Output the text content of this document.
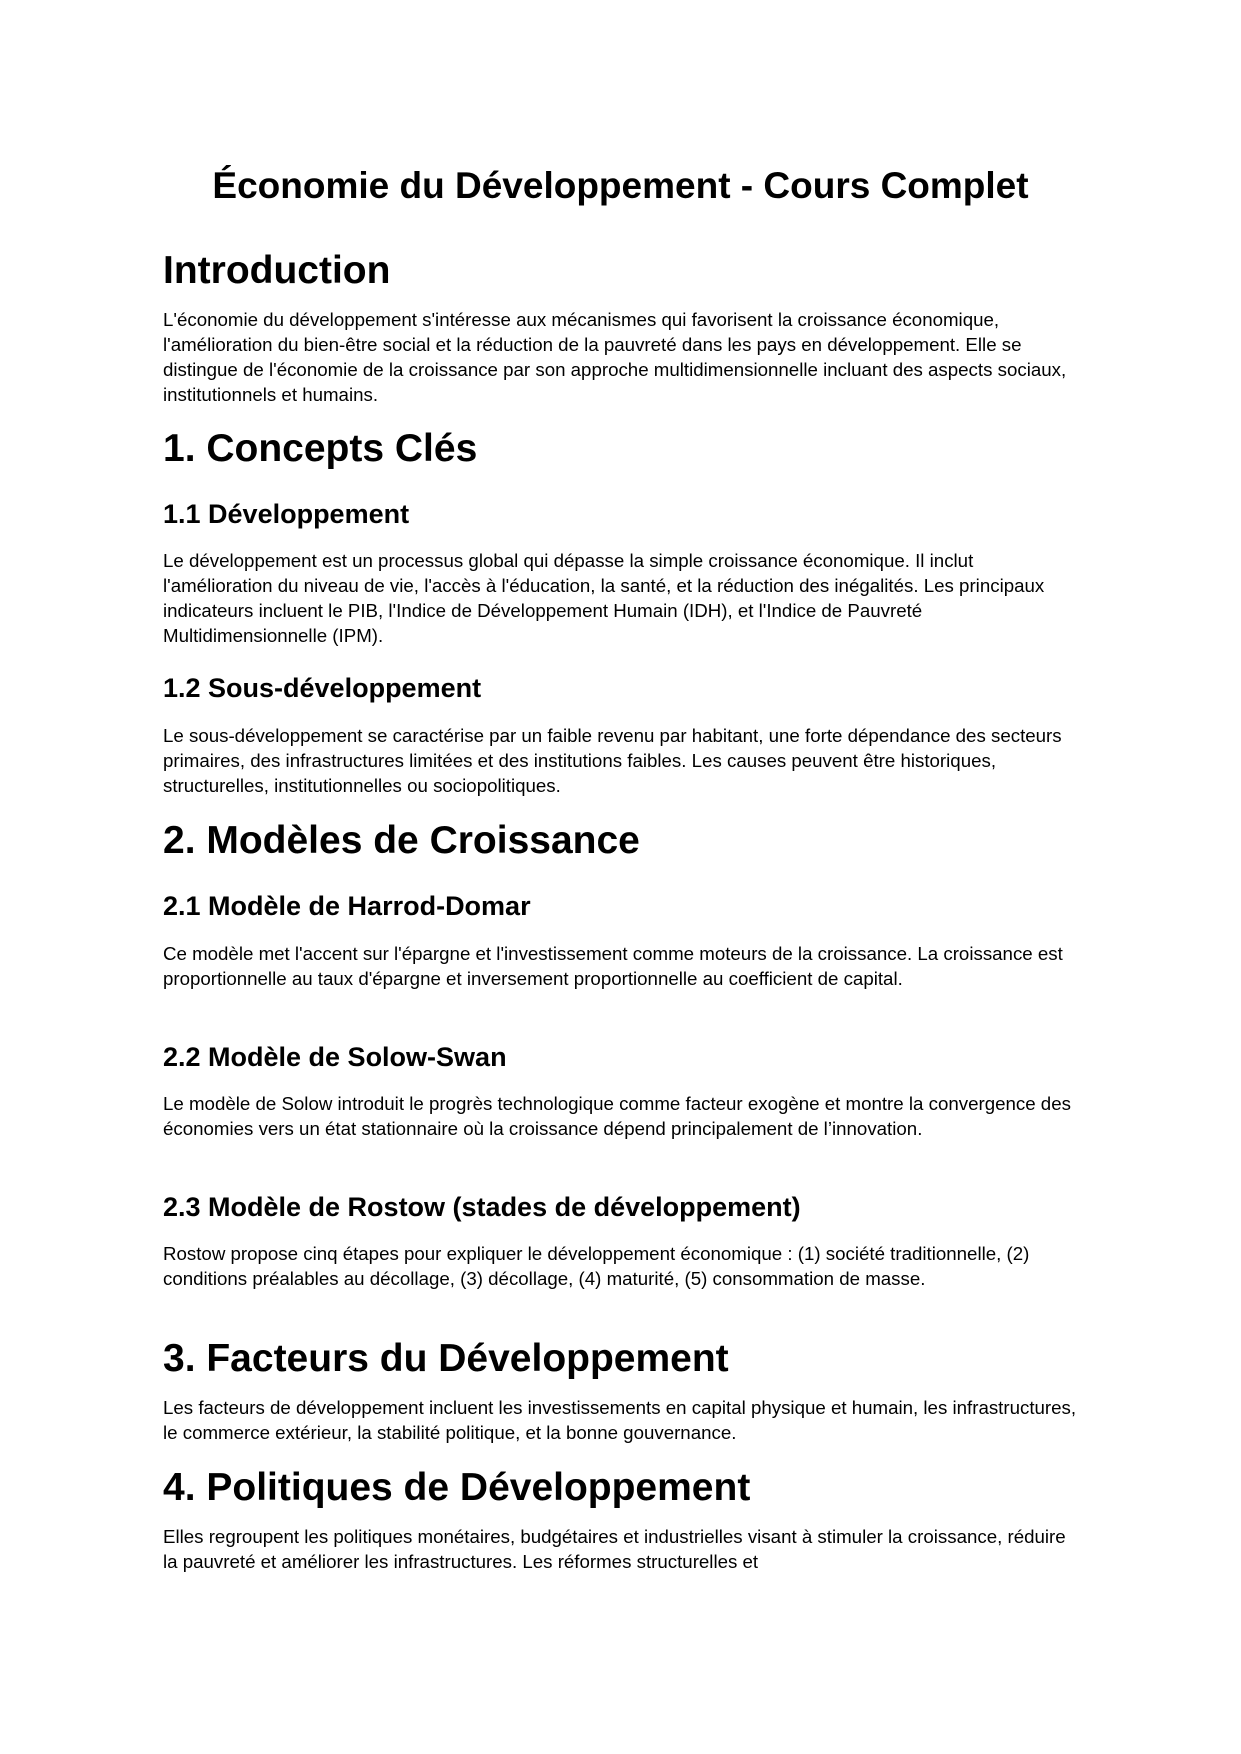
Économie du Développement - Cours Complet
Introduction

L'économie du développement s'intéresse aux mécanismes qui favorisent la croissance économique, l'amélioration du bien-être social et la réduction de la pauvreté dans les pays en développement. Elle se distingue de l'économie de la croissance par son approche multidimensionnelle incluant des aspects sociaux, institutionnels et humains.

1. Concepts Clés
1.1 Développement

Le développement est un processus global qui dépasse la simple croissance économique. Il inclut l'amélioration du niveau de vie, l'accès à l'éducation, la santé, et la réduction des inégalités. Les principaux indicateurs incluent le PIB, l'Indice de Développement Humain (IDH), et l'Indice de Pauvreté Multidimensionnelle (IPM).

1.2 Sous-développement

Le sous-développement se caractérise par un faible revenu par habitant, une forte dépendance des secteurs primaires, des infrastructures limitées et des institutions faibles. Les causes peuvent être historiques, structurelles, institutionnelles ou sociopolitiques.

2. Modèles de Croissance
2.1 Modèle de Harrod-Domar

Ce modèle met l'accent sur l'épargne et l'investissement comme moteurs de la croissance. La croissance est proportionnelle au taux d'épargne et inversement proportionnelle au coefficient de capital.

2.2 Modèle de Solow-Swan

Le modèle de Solow introduit le progrès technologique comme facteur exogène et montre la convergence des économies vers un état stationnaire où la croissance dépend principalement de l’innovation.

2.3 Modèle de Rostow (stades de développement)

Rostow propose cinq étapes pour expliquer le développement économique : (1) société traditionnelle, (2) conditions préalables au décollage, (3) décollage, (4) maturité, (5) consommation de masse.

3. Facteurs du Développement

Les facteurs de développement incluent les investissements en capital physique et humain, les infrastructures, le commerce extérieur, la stabilité politique, et la bonne gouvernance.

4. Politiques de Développement

Elles regroupent les politiques monétaires, budgétaires et industrielles visant à stimuler la croissance, réduire la pauvreté et améliorer les infrastructures. Les réformes structurelles et
